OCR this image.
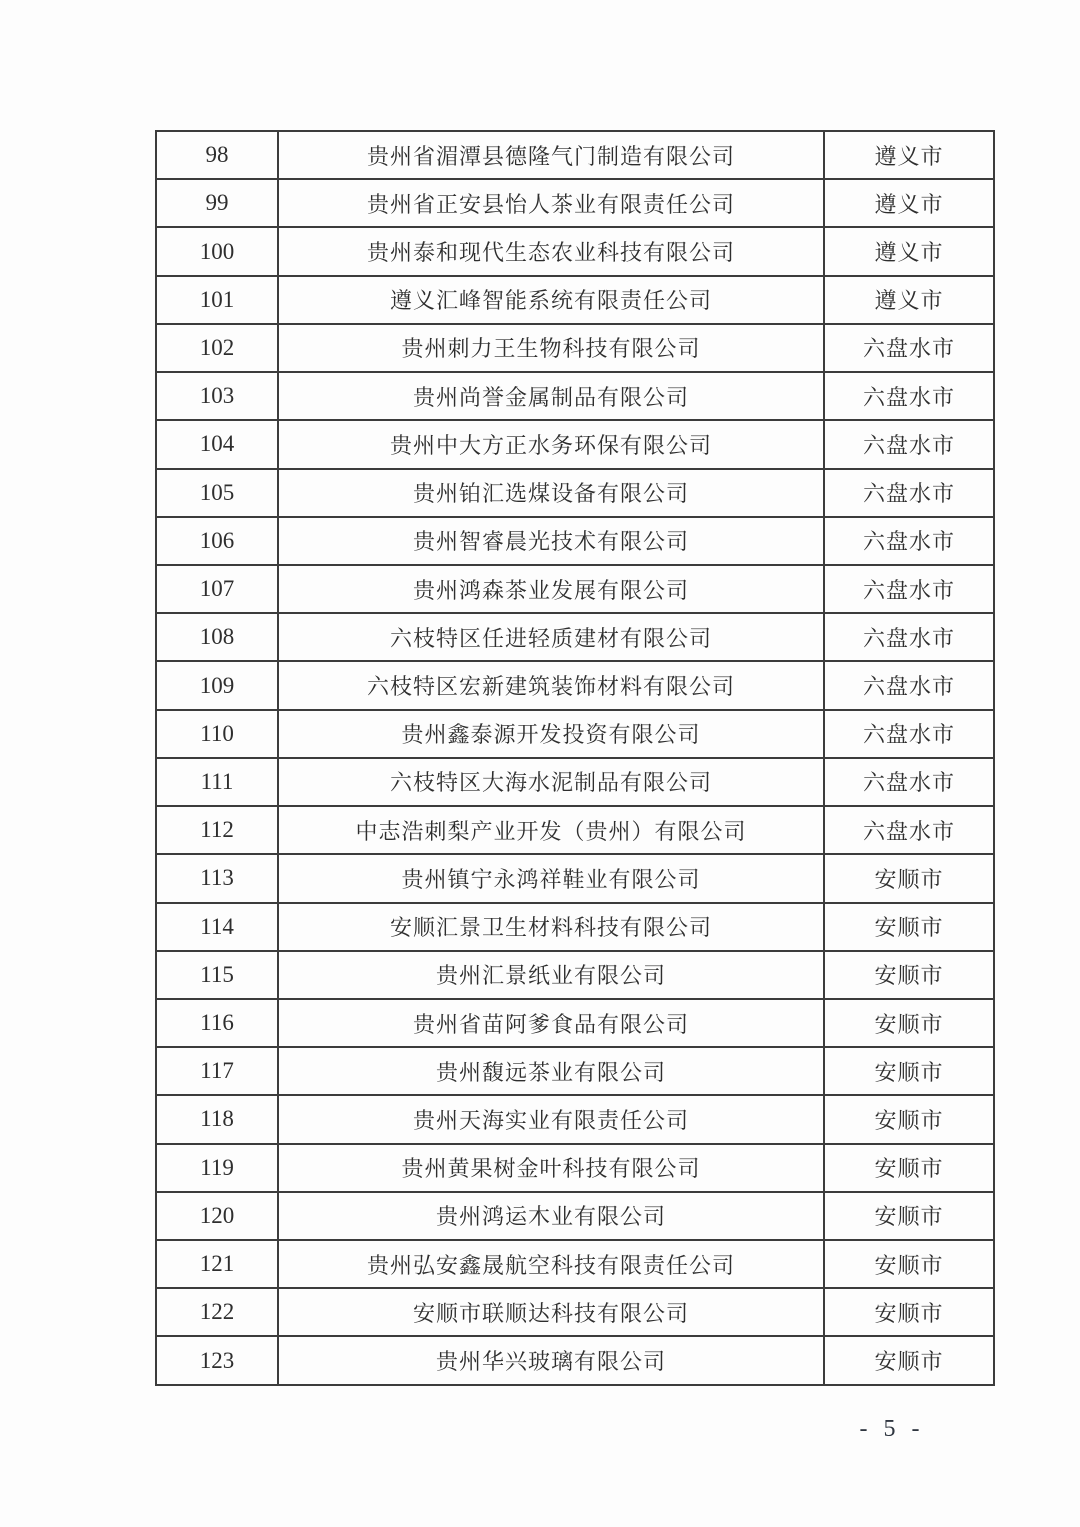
98	贵州省湄潭县德隆气门制造有限公司	遵义市
99	贵州省正安县怡人茶业有限责任公司	遵义市
100	贵州泰和现代生态农业科技有限公司	遵义市
101	遵义汇峰智能系统有限责任公司	遵义市
102	贵州刺力王生物科技有限公司	六盘水市
103	贵州尚誉金属制品有限公司	六盘水市
104	贵州中大方正水务环保有限公司	六盘水市
105	贵州铂汇选煤设备有限公司	六盘水市
106	贵州智睿晨光技术有限公司	六盘水市
107	贵州鸿森茶业发展有限公司	六盘水市
108	六枝特区任进轻质建材有限公司	六盘水市
109	六枝特区宏新建筑装饰材料有限公司	六盘水市
110	贵州鑫泰源开发投资有限公司	六盘水市
111	六枝特区大海水泥制品有限公司	六盘水市
112	中志浩刺梨产业开发（贵州）有限公司	六盘水市
113	贵州镇宁永鸿祥鞋业有限公司	安顺市
114	安顺汇景卫生材料科技有限公司	安顺市
115	贵州汇景纸业有限公司	安顺市
116	贵州省苗阿爹食品有限公司	安顺市
117	贵州馥远茶业有限公司	安顺市
118	贵州天海实业有限责任公司	安顺市
119	贵州黄果树金叶科技有限公司	安顺市
120	贵州鸿运木业有限公司	安顺市
121	贵州弘安鑫晟航空科技有限责任公司	安顺市
122	安顺市联顺达科技有限公司	安顺市
123	贵州华兴玻璃有限公司	安顺市
- 5 -
